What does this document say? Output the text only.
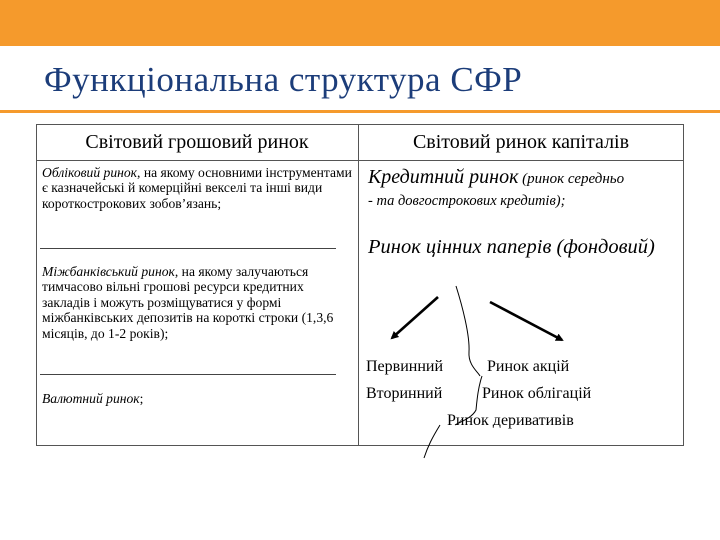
Функціональна структура СФР
Світовий грошовий ринок	Світовий ринок капіталів
Обліковий ринок, на якому основними інструментами є казначейські й комерційні векселі та інші види короткострокових зобов’язань;
Міжбанківський ринок, на якому залучаються тимчасово вільні грошові ресурси кредитних закладів і можуть розміщуватися у формі міжбанківських депозитів на короткі строки (1,3,6 місяців, до 1-2 років);
Валютний ринок;
Кредитний ринок (ринок середньо
- та довгострокових кредитів);
Ринок цінних паперів (фондовий)
Первинний
Вторинний
Ринок акцій
Ринок облігацій
Ринок деривативів
